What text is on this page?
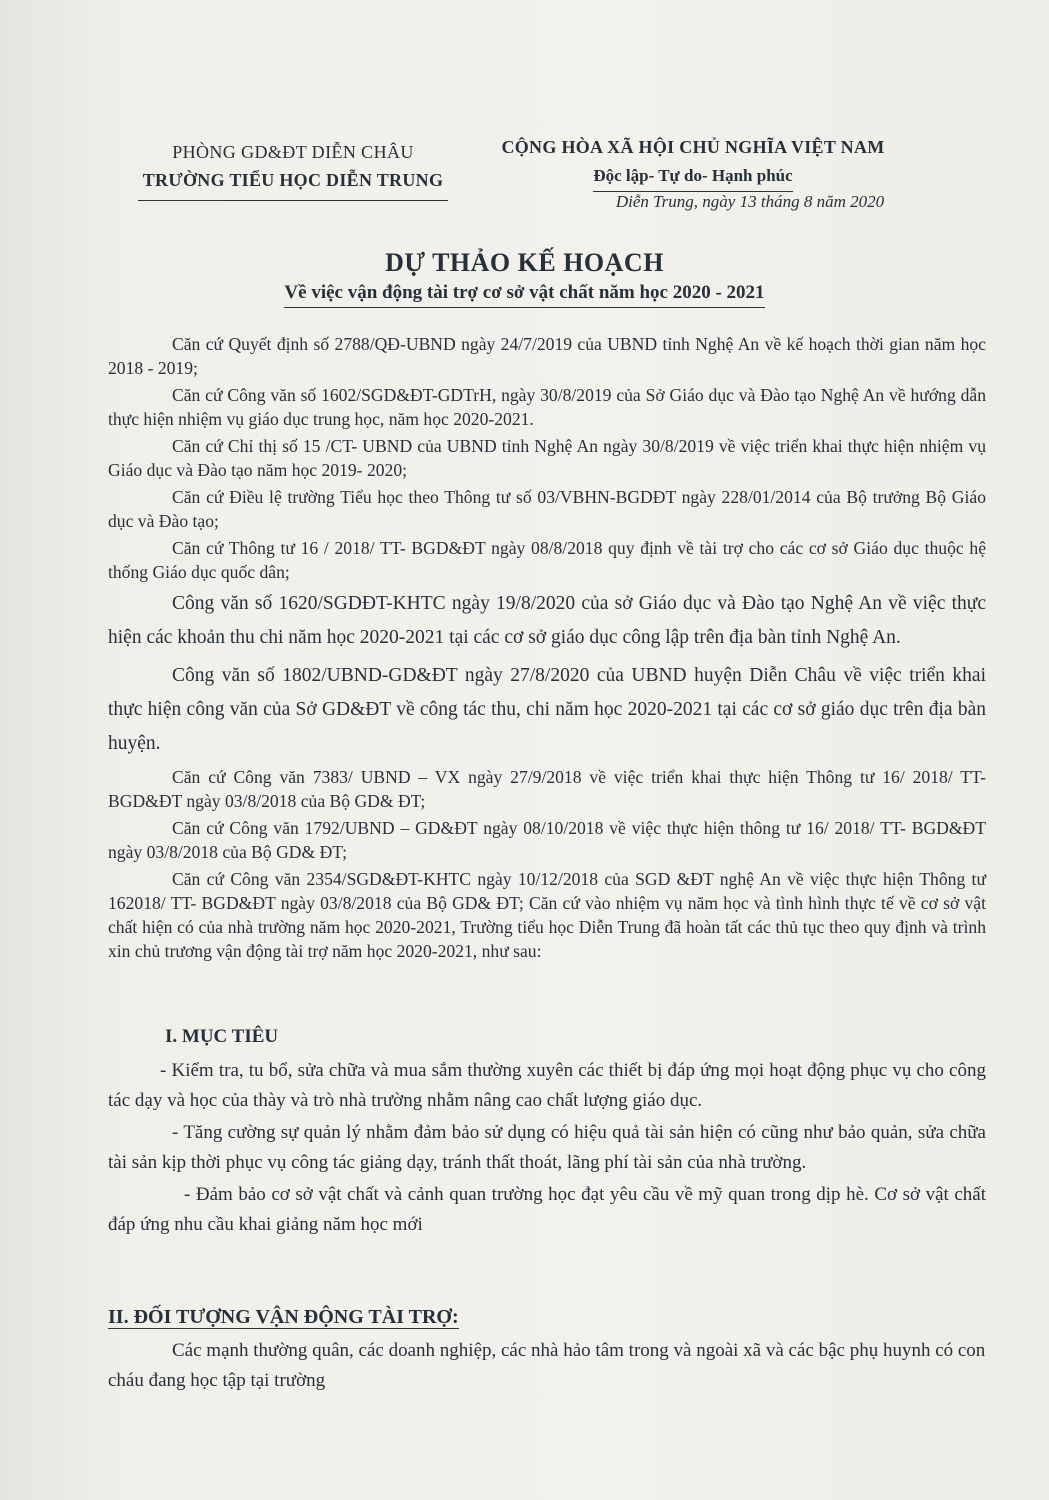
PHÒNG GD&ĐT DIỄN CHÂU
TRƯỜNG TIỂU HỌC DIỄN TRUNG
CỘNG HÒA XÃ HỘI CHỦ NGHĨA VIỆT NAM
Độc lập- Tự do- Hạnh phúc
Diễn Trung, ngày 13 tháng 8 năm 2020
DỰ THẢO KẾ HOẠCH
Về việc vận động tài trợ cơ sở vật chất năm học 2020 - 2021

Căn cứ Quyết định số 2788/QĐ-UBND ngày 24/7/2019 của UBND tỉnh Nghệ An về kế hoạch thời gian năm học 2018 - 2019;

Căn cứ Công văn số 1602/SGD&ĐT-GDTrH, ngày 30/8/2019 của Sở Giáo dục và Đào tạo Nghệ An về hướng dẫn thực hiện nhiệm vụ giáo dục trung học, năm học 2020-2021.

Căn cứ Chỉ thị số 15 /CT- UBND của UBND tỉnh Nghệ An ngày 30/8/2019 về việc triển khai thực hiện nhiệm vụ Giáo dục và Đào tạo năm học 2019- 2020;

Căn cứ Điều lệ trường Tiểu học theo Thông tư số 03/VBHN-BGDĐT ngày 228/01/2014 của Bộ trưởng Bộ Giáo dục và Đào tạo;

Căn cứ Thông tư 16 / 2018/ TT- BGD&ĐT ngày 08/8/2018 quy định về tài trợ cho các cơ sở Giáo dục thuộc hệ thống Giáo dục quốc dân;

Công văn số 1620/SGDĐT-KHTC ngày 19/8/2020 của sở Giáo dục và Đào tạo Nghệ An về việc thực hiện các khoản thu chi năm học 2020-2021 tại các cơ sở giáo dục công lập trên địa bàn tỉnh Nghệ An.

Công văn số 1802/UBND-GD&ĐT ngày 27/8/2020 của UBND huyện Diễn Châu về việc triển khai thực hiện công văn của Sở GD&ĐT về công tác thu, chi năm học 2020-2021 tại các cơ sở giáo dục trên địa bàn huyện.

Căn cứ Công văn 7383/ UBND – VX ngày 27/9/2018 về việc triển khai thực hiện Thông tư 16/ 2018/ TT- BGD&ĐT ngày 03/8/2018 của Bộ GD& ĐT;

Căn cứ Công văn 1792/UBND – GD&ĐT ngày 08/10/2018 về việc thực hiện thông tư 16/ 2018/ TT- BGD&ĐT ngày 03/8/2018 của Bộ GD& ĐT;

Căn cứ Công văn 2354/SGD&ĐT-KHTC ngày 10/12/2018 của SGD &ĐT nghệ An về việc thực hiện Thông tư 162018/ TT- BGD&ĐT ngày 03/8/2018 của Bộ GD& ĐT; Căn cứ vào nhiệm vụ năm học và tình hình thực tế về cơ sở vật chất hiện có của nhà trường năm học 2020-2021, Trường tiểu học Diễn Trung đã hoàn tất các thủ tục theo quy định và trình xin chủ trương vận động tài trợ năm học 2020-2021, như sau:

I. MỤC TIÊU

- Kiểm tra, tu bổ, sửa chữa và mua sắm thường xuyên các thiết bị đáp ứng mọi hoạt động phục vụ cho công tác dạy và học của thày và trò nhà trường nhằm nâng cao chất lượng giáo dục.

- Tăng cường sự quản lý nhằm đảm bảo sử dụng có hiệu quả tài sản hiện có cũng như bảo quản, sửa chữa tài sản kịp thời phục vụ công tác giảng dạy, tránh thất thoát, lãng phí tài sản của nhà trường.

- Đảm bảo cơ sở vật chất và cảnh quan trường học đạt yêu cầu về mỹ quan trong dịp hè. Cơ sở vật chất đáp ứng nhu cầu khai giảng năm học mới

II. ĐỐI TƯỢNG VẬN ĐỘNG TÀI TRỢ:

Các mạnh thường quân, các doanh nghiệp, các nhà hảo tâm trong và ngoài xã và các bậc phụ huynh có con cháu đang học tập tại trường
